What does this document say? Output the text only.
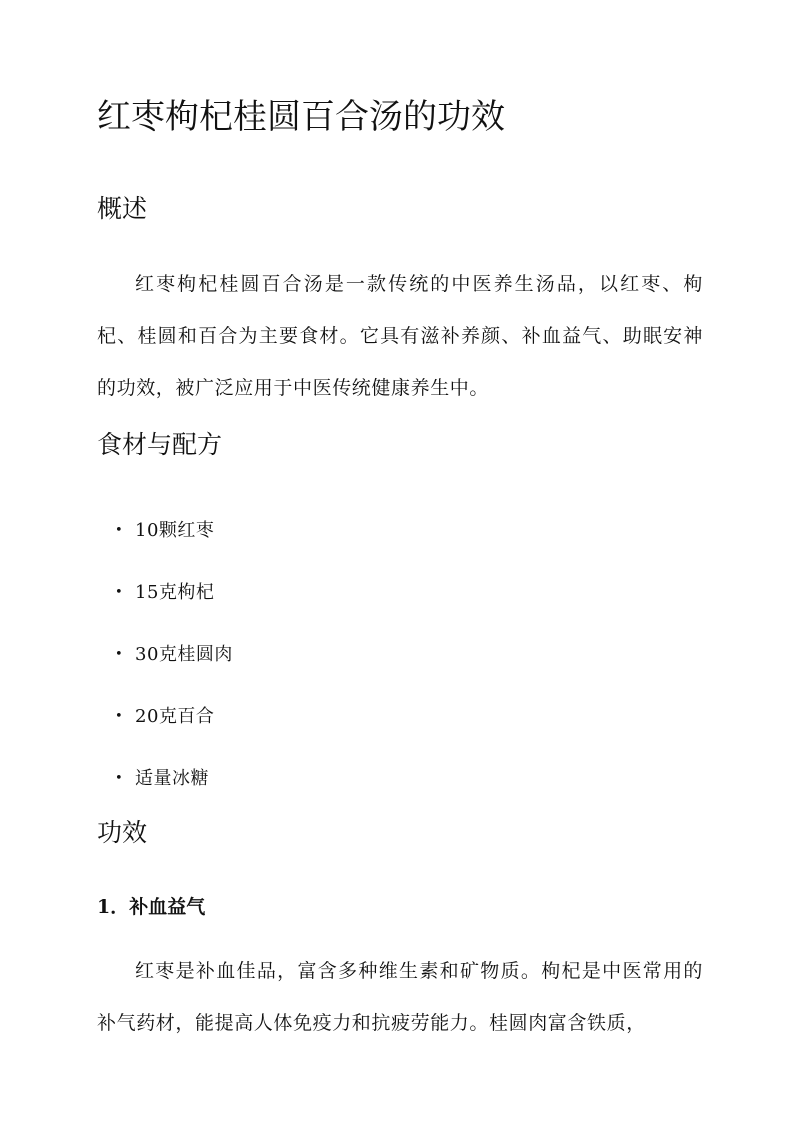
红枣枸杞桂圆百合汤的功效
概述

红枣枸杞桂圆百合汤是一款传统的中医养生汤品，以红枣、枸杞、桂圆和百合为主要食材。它具有滋补养颜、补血益气、助眠安神的功效，被广泛应用于中医传统健康养生中。

食材与配方
• 10颗红枣
• 15克枸杞
• 30克桂圆肉
• 20克百合
• 适量冰糖
功效
1．补血益气

红枣是补血佳品，富含多种维生素和矿物质。枸杞是中医常用的补气药材，能提高人体免疫力和抗疲劳能力。桂圆肉富含铁质，
